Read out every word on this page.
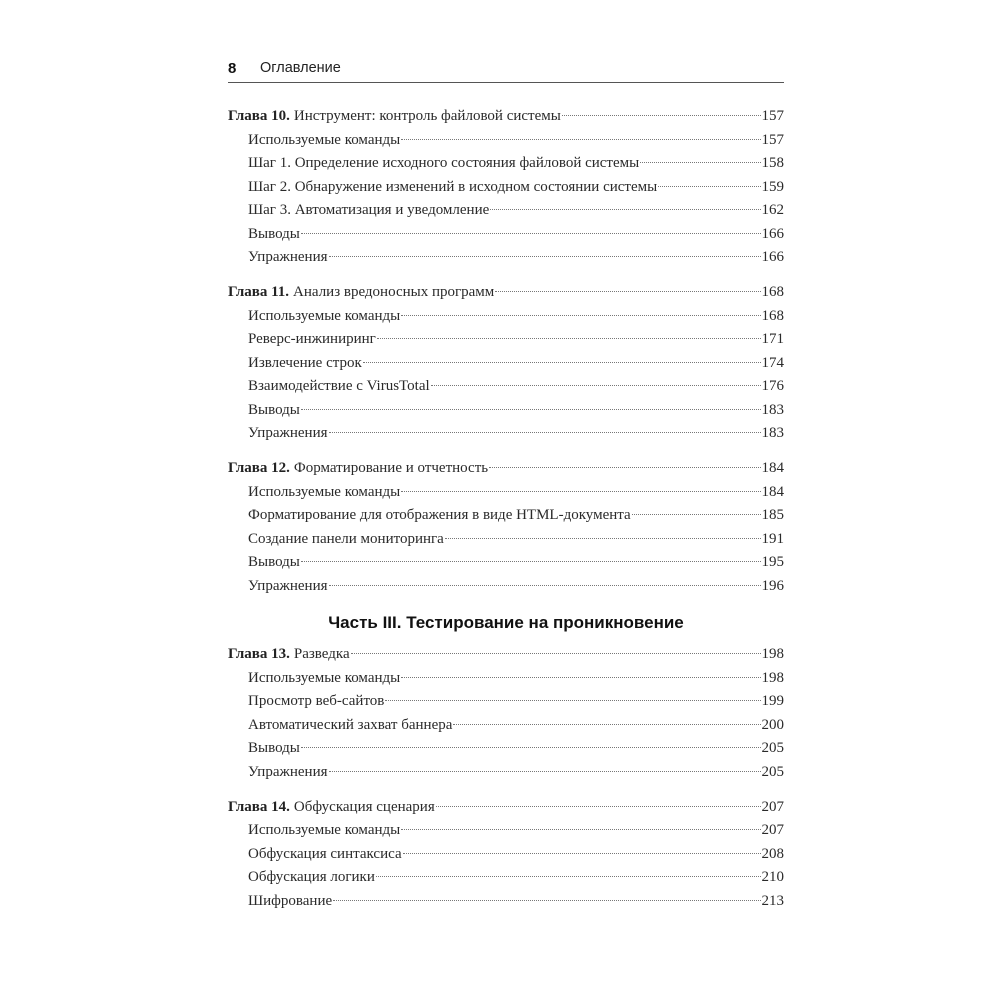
8 Оглавление
Глава 10. Инструмент: контроль файловой системы	157
Используемые команды	157
Шаг 1. Определение исходного состояния файловой системы	158
Шаг 2. Обнаружение изменений в исходном состоянии системы	159
Шаг 3. Автоматизация и уведомление	162
Выводы	166
Упражнения	166
Глава 11. Анализ вредоносных программ	168
Используемые команды	168
Реверс-инжиниринг	171
Извлечение строк	174
Взаимодействие с VirusTotal	176
Выводы	183
Упражнения	183
Глава 12. Форматирование и отчетность	184
Используемые команды	184
Форматирование для отображения в виде HTML-документа	185
Создание панели мониторинга	191
Выводы	195
Упражнения	196
Часть III. Тестирование на проникновение
Глава 13. Разведка	198
Используемые команды	198
Просмотр веб-сайтов	199
Автоматический захват баннера	200
Выводы	205
Упражнения	205
Глава 14. Обфускация сценария	207
Используемые команды	207
Обфускация синтаксиса	208
Обфускация логики	210
Шифрование	213
